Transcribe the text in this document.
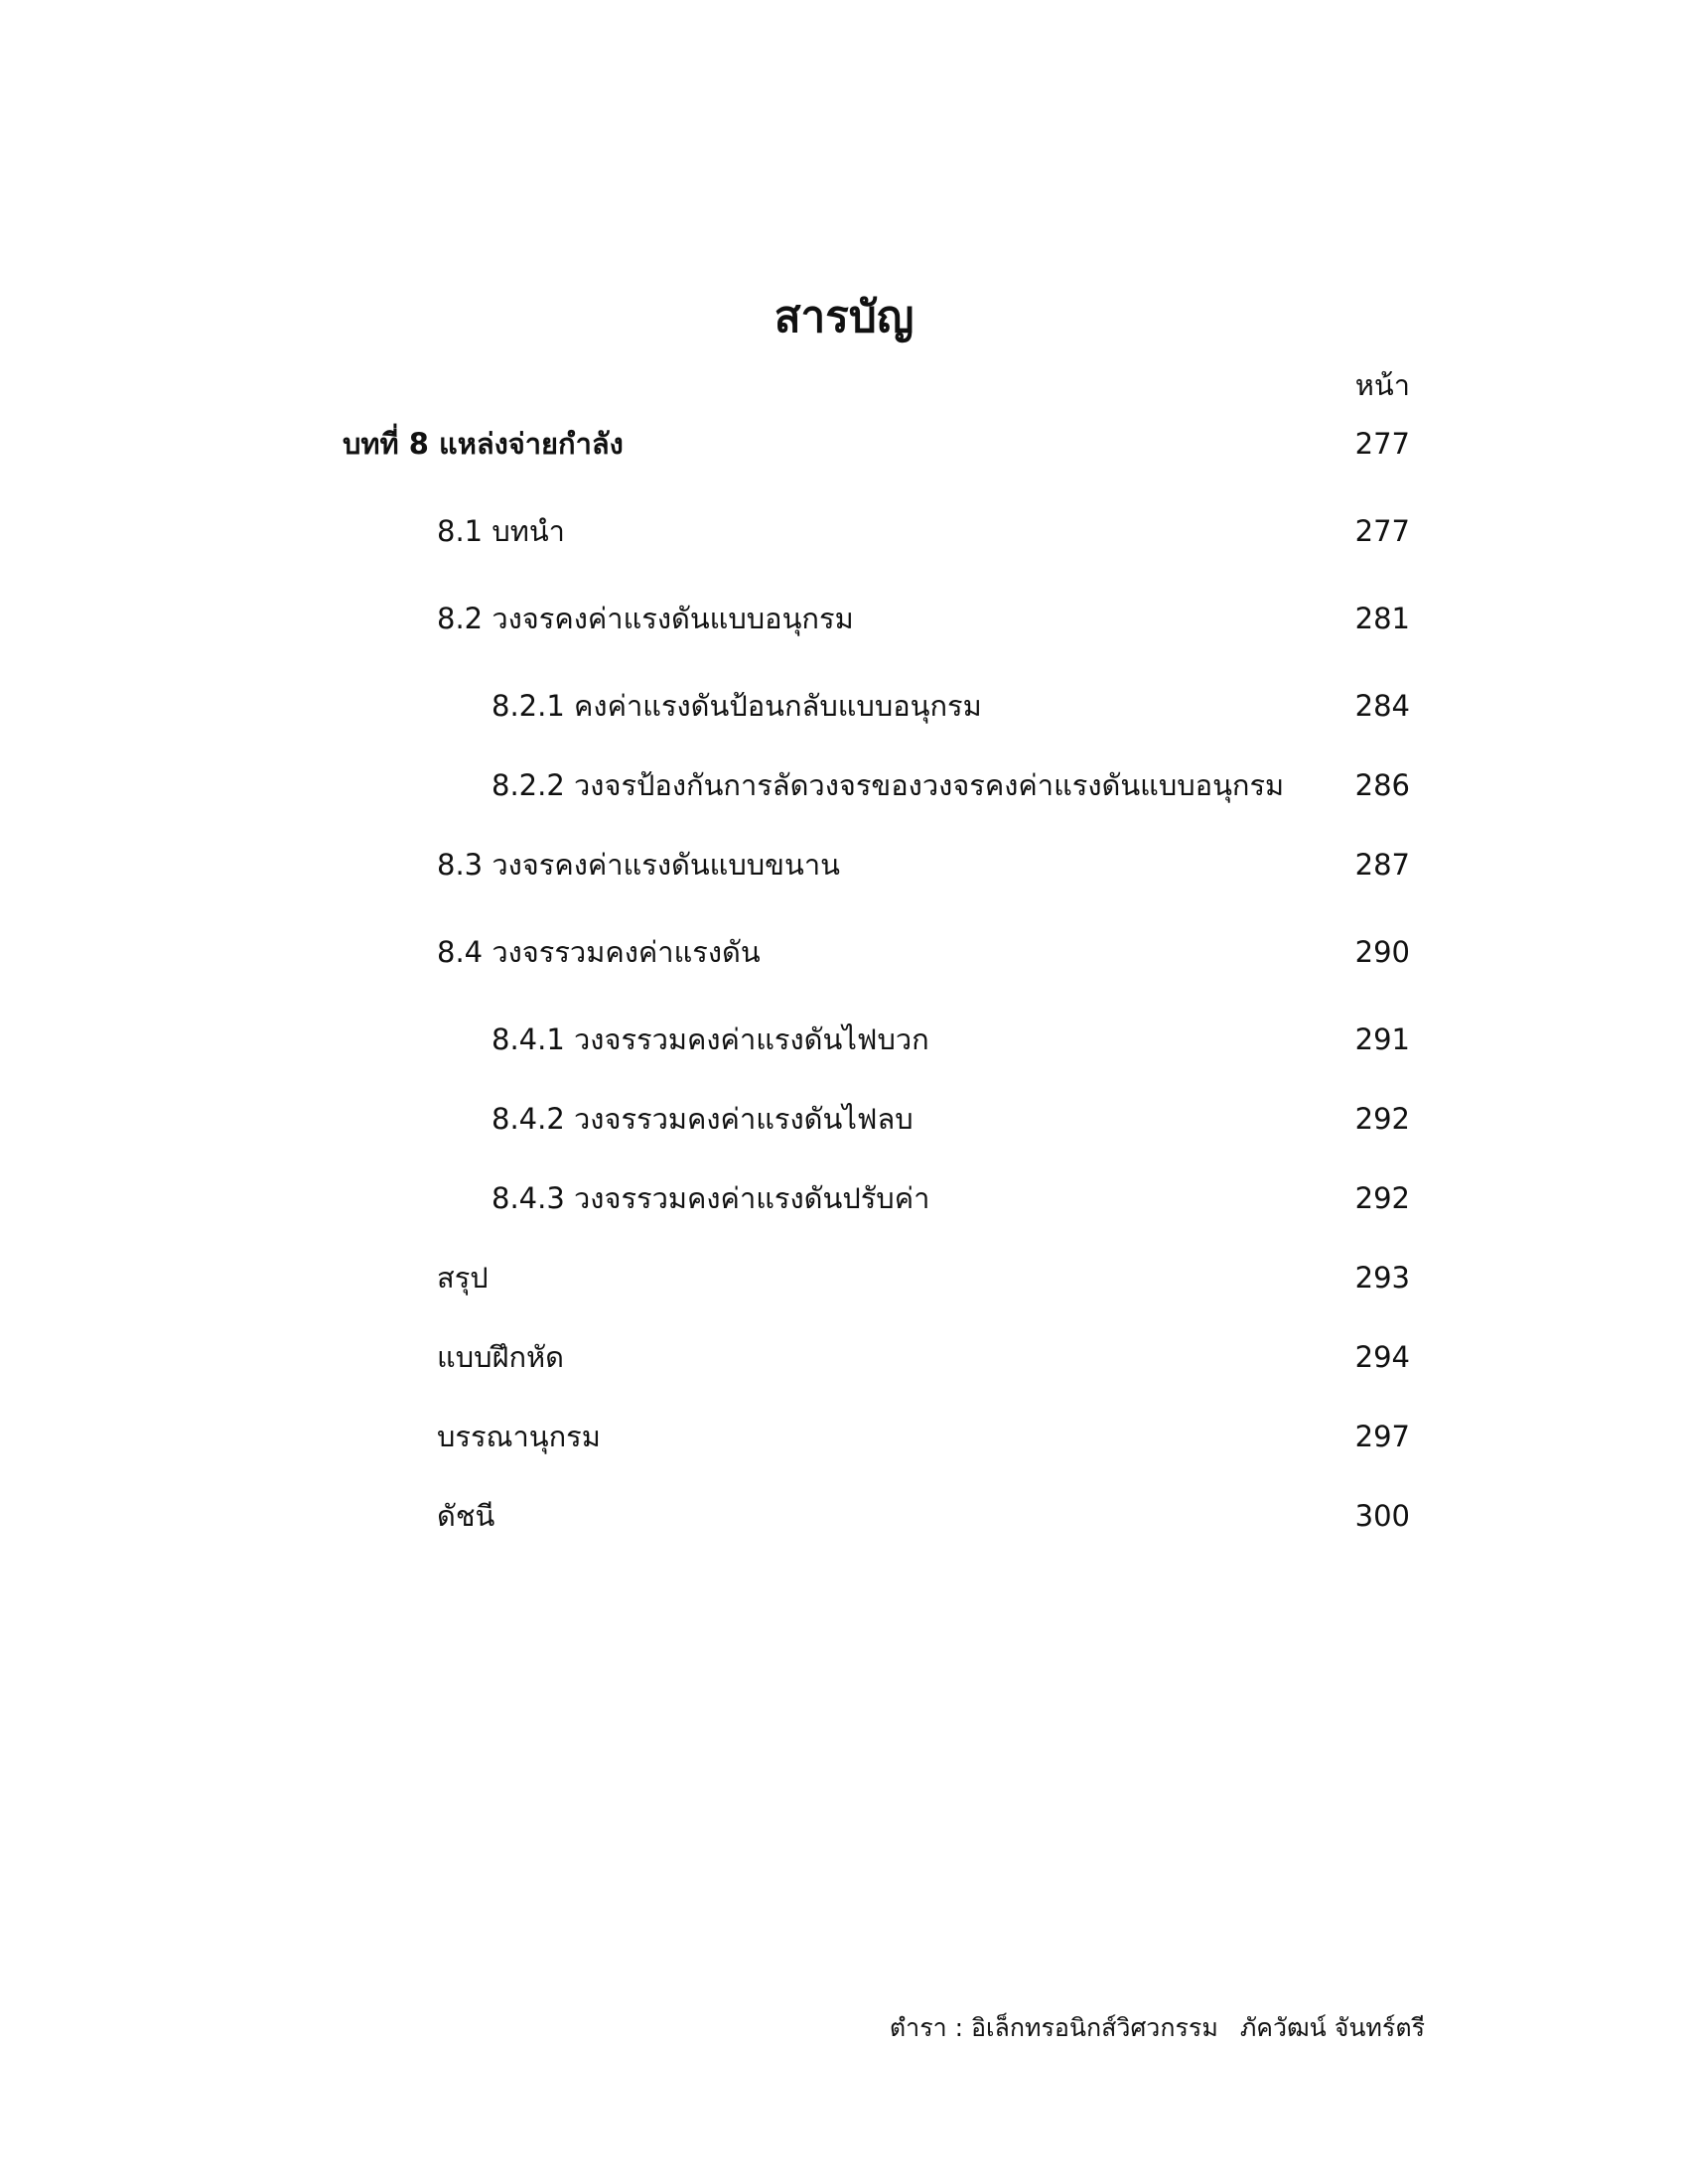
สารบัญ
หน้า
บทที่ 8 แหล่งจ่ายกำลัง	277
8.1 บทนำ	277
8.2 วงจรคงค่าแรงดันแบบอนุกรม	281
8.2.1 คงค่าแรงดันป้อนกลับแบบอนุกรม	284
8.2.2 วงจรป้องกันการลัดวงจรของวงจรคงค่าแรงดันแบบอนุกรม	286
8.3 วงจรคงค่าแรงดันแบบขนาน	287
8.4 วงจรรวมคงค่าแรงดัน	290
8.4.1 วงจรรวมคงค่าแรงดันไฟบวก	291
8.4.2 วงจรรวมคงค่าแรงดันไฟลบ	292
8.4.3 วงจรรวมคงค่าแรงดันปรับค่า	292
สรุป	293
แบบฝึกหัด	294
บรรณานุกรม	297
ดัชนี	300
ตำรา : อิเล็กทรอนิกส์วิศวกรรม ภัควัฒน์ จันทร์ตรี
